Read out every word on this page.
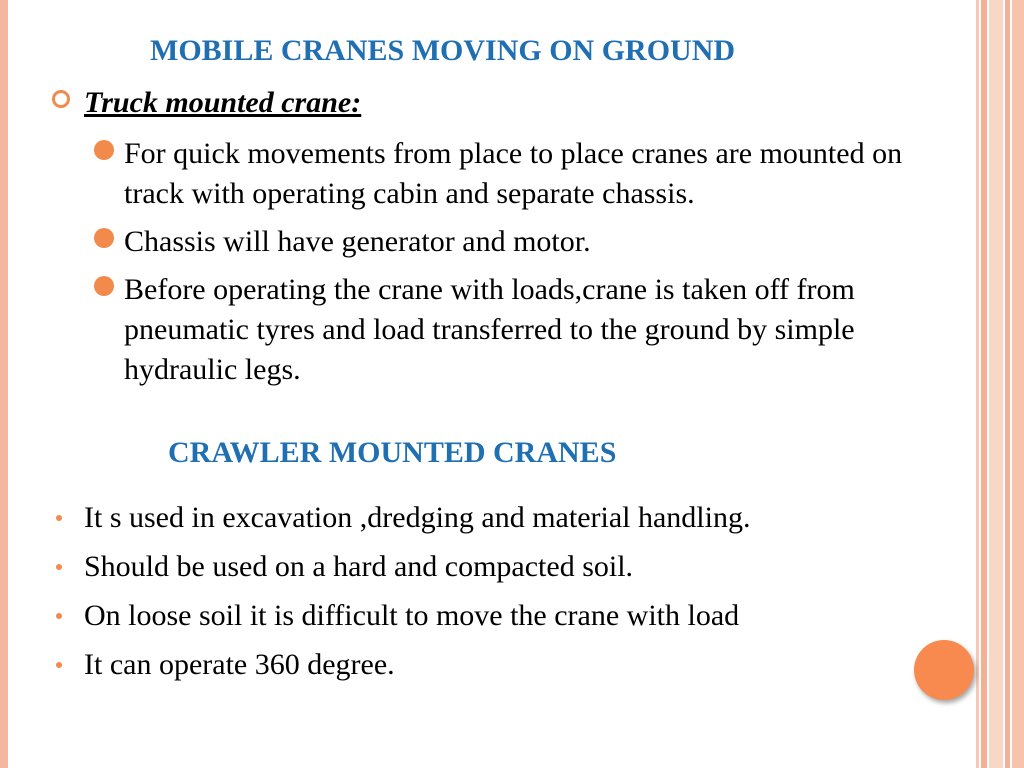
MOBILE CRANES MOVING ON GROUND
Truck mounted crane:
For quick movements from place to place cranes are mounted on track with operating cabin and separate chassis.
Chassis will have generator and motor.
Before operating the crane with loads,crane is taken off from pneumatic tyres and load transferred to the ground by simple hydraulic legs.
CRAWLER MOUNTED CRANES
It s used in excavation ,dredging and material handling.
Should be used on a hard and compacted soil.
On loose soil it is difficult to move the crane with load
It can operate 360 degree.
